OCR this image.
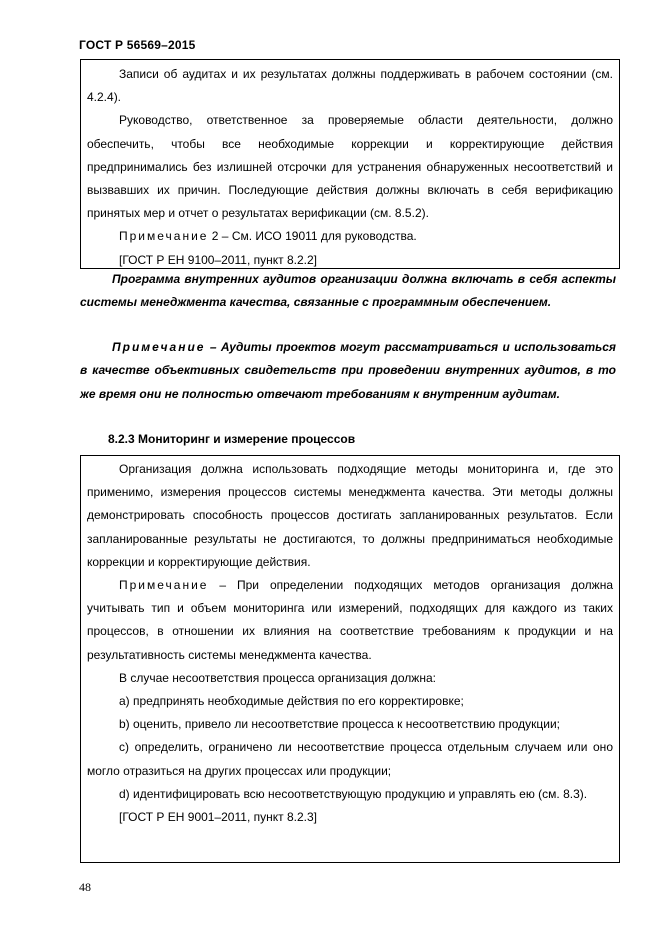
ГОСТ Р 56569–2015

Записи об аудитах и их результатах должны поддерживать в рабочем состоянии (см. 4.2.4).

Руководство, ответственное за проверяемые области деятельности, должно обеспечить, чтобы все необходимые коррекции и корректирующие действия предпринимались без излишней отсрочки для устранения обнаруженных несоответствий и вызвавших их причин. Последующие действия должны включать в себя верификацию принятых мер и отчет о результатах верификации (см. 8.5.2).

Примечание 2 – См. ИСО 19011 для руководства.

[ГОСТ Р ЕН 9100–2011, пункт 8.2.2]

Программа внутренних аудитов организации должна включать в себя аспекты системы менеджмента качества, связанные с программным обеспечением.

Примечание – Аудиты проектов могут рассматриваться и использоваться в качестве объективных свидетельств при проведении внутренних аудитов, в то же время они не полностью отвечают требованиям к внутренним аудитам.

8.2.3 Мониторинг и измерение процессов

Организация должна использовать подходящие методы мониторинга и, где это применимо, измерения процессов системы менеджмента качества. Эти методы должны демонстрировать способность процессов достигать запланированных результатов. Если запланированные результаты не достигаются, то должны предприниматься необходимые коррекции и корректирующие действия.

Примечание – При определении подходящих методов организация должна учитывать тип и объем мониторинга или измерений, подходящих для каждого из таких процессов, в отношении их влияния на соответствие требованиям к продукции и на результативность системы менеджмента качества.

В случае несоответствия процесса организация должна:

a) предпринять необходимые действия по его корректировке;

b) оценить, привело ли несоответствие процесса к несоответствию продукции;

c) определить, ограничено ли несоответствие процесса отдельным случаем или оно могло отразиться на других процессах или продукции;

d) идентифицировать всю несоответствующую продукцию и управлять ею (см. 8.3).

[ГОСТ Р ЕН 9001–2011, пункт 8.2.3]

48
